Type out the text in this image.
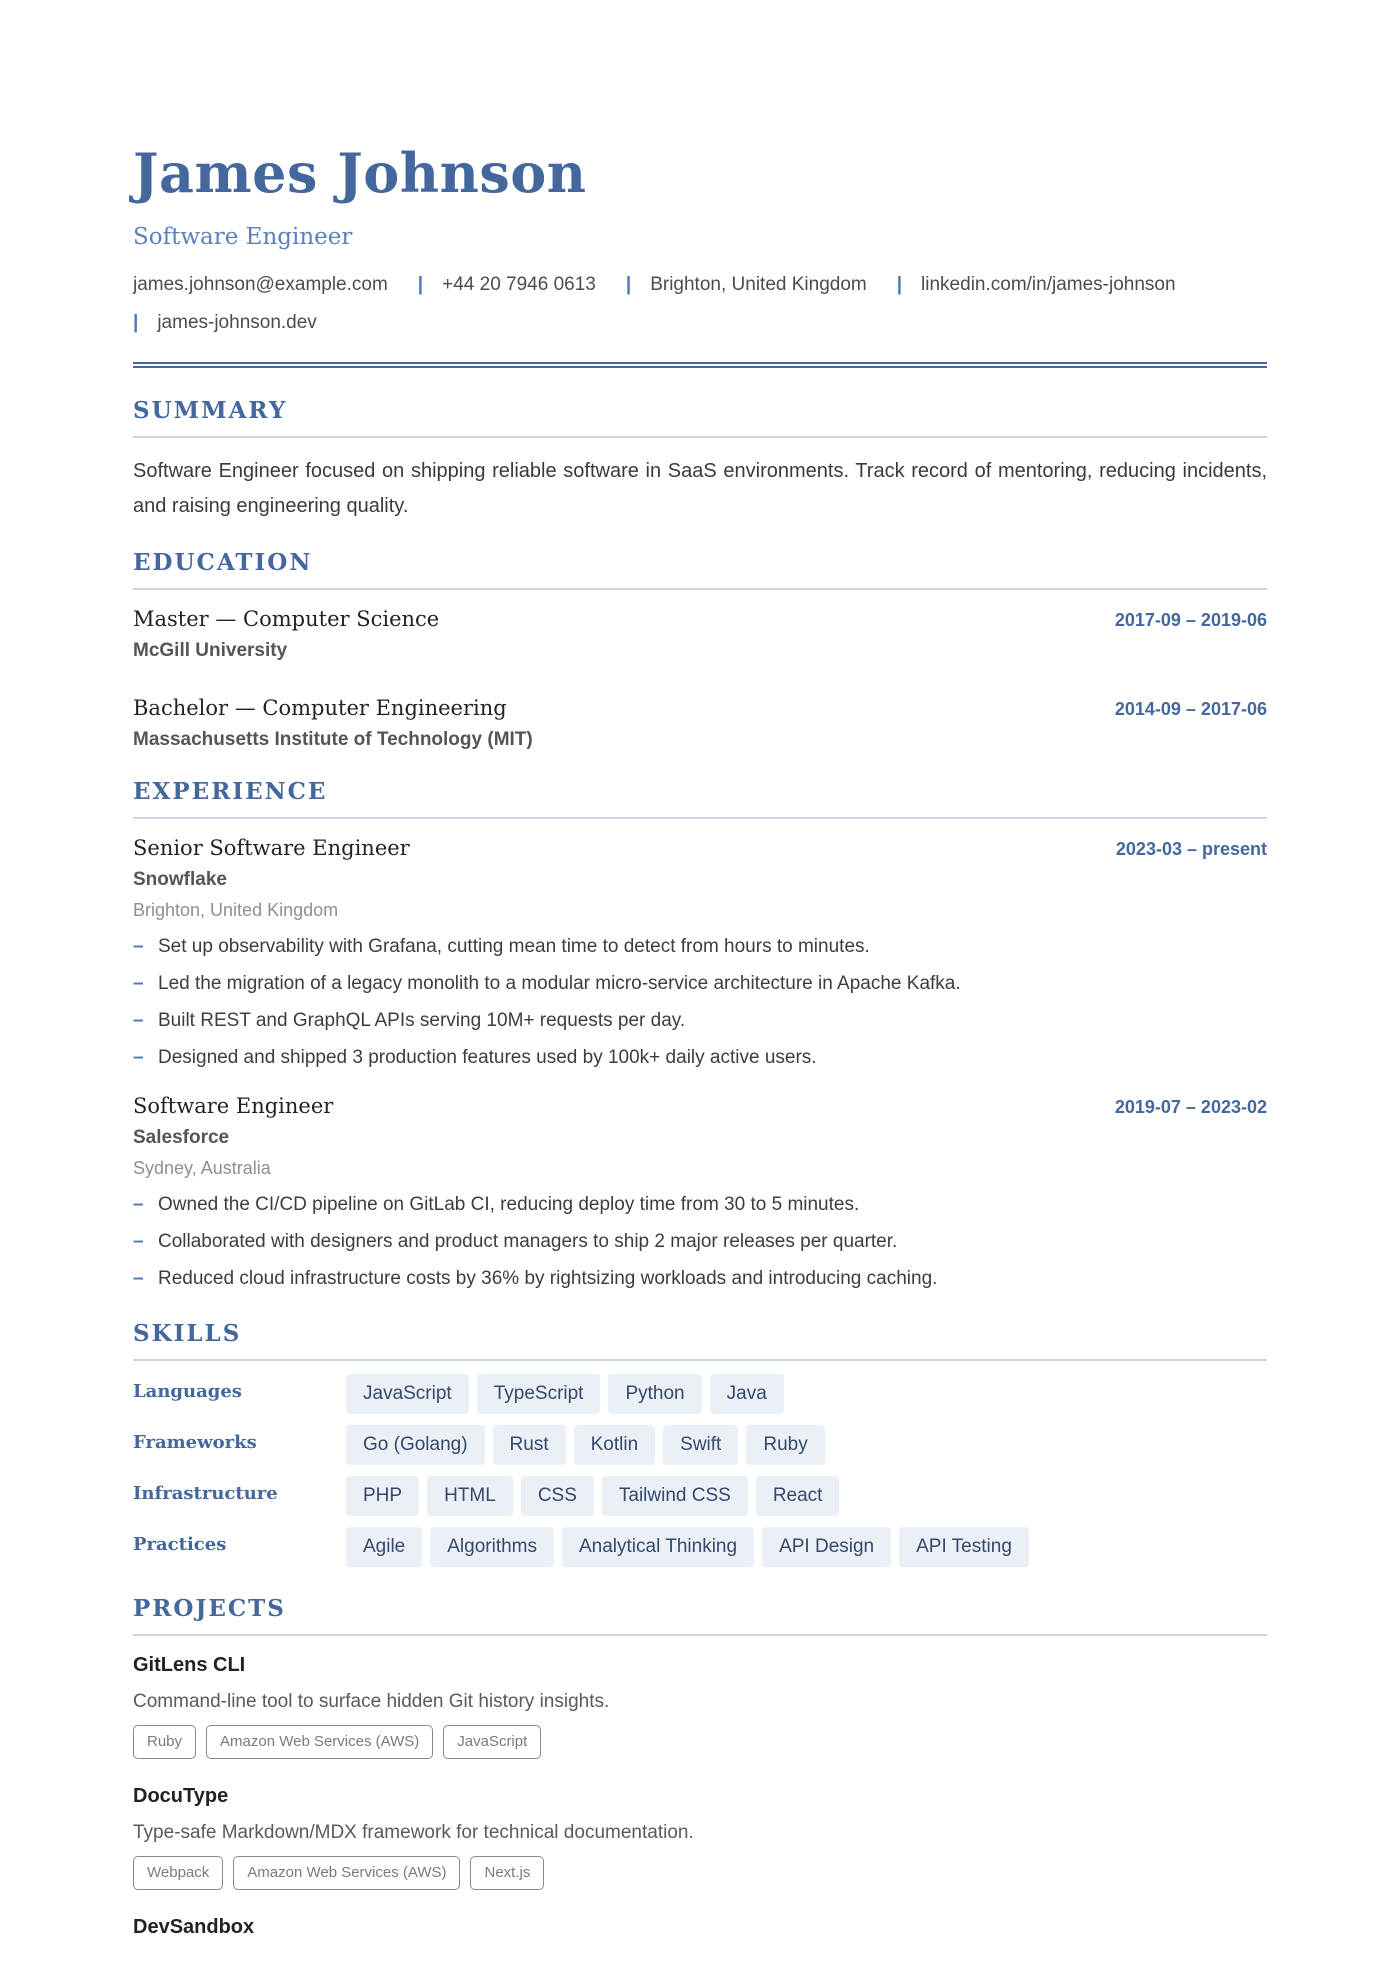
James Johnson
Software Engineer
james.johnson@example.com | +44 20 7946 0613 | Brighton, United Kingdom | linkedin.com/in/james-johnson
| james-johnson.dev
SUMMARY
Software Engineer focused on shipping reliable software in SaaS environments. Track record of mentoring, reducing incidents, and raising engineering quality.
EDUCATION
Master — Computer Science	2017-09 – 2019-06
McGill University
Bachelor — Computer Engineering	2014-09 – 2017-06
Massachusetts Institute of Technology (MIT)
EXPERIENCE
Senior Software Engineer	2023-03 – present
Snowflake
Brighton, United Kingdom
– Set up observability with Grafana, cutting mean time to detect from hours to minutes.
– Led the migration of a legacy monolith to a modular micro-service architecture in Apache Kafka.
– Built REST and GraphQL APIs serving 10M+ requests per day.
– Designed and shipped 3 production features used by 100k+ daily active users.
Software Engineer	2019-07 – 2023-02
Salesforce
Sydney, Australia
– Owned the CI/CD pipeline on GitLab CI, reducing deploy time from 30 to 5 minutes.
– Collaborated with designers and product managers to ship 2 major releases per quarter.
– Reduced cloud infrastructure costs by 36% by rightsizing workloads and introducing caching.
SKILLS
Languages	JavaScript	TypeScript	Python	Java
Frameworks	Go (Golang)	Rust	Kotlin	Swift	Ruby
Infrastructure	PHP	HTML	CSS	Tailwind CSS	React
Practices	Agile	Algorithms	Analytical Thinking	API Design	API Testing
PROJECTS
GitLens CLI
Command-line tool to surface hidden Git history insights.
Ruby	Amazon Web Services (AWS)	JavaScript
DocuType
Type-safe Markdown/MDX framework for technical documentation.
Webpack	Amazon Web Services (AWS)	Next.js
DevSandbox
